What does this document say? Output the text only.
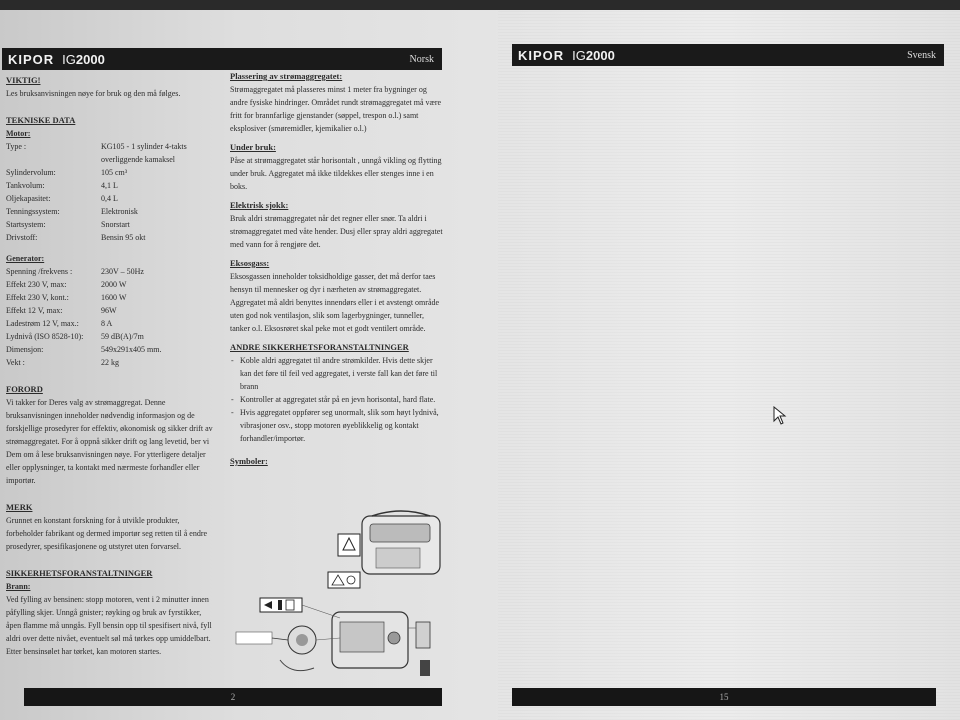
KIPOR IG2000	Norsk
VIKTIG!

Les bruksanvisningen nøye for bruk og den må følges.

TEKNISKE DATA
Motor:
Type :	KG105 - 1 sylinder 4-takts overliggende kamaksel
Sylindervolum:	105 cm³
Tankvolum:	4,1 L
Oljekapasitet:	0,4 L
Tenningssystem:	Elektronisk
Startsystem:	Snorstart
Drivstoff:	Bensin 95 okt
Generator:
Spenning /frekvens :	230V – 50Hz
Effekt 230 V, max:	2000 W
Effekt 230 V, kont.:	1600 W
Effekt 12 V, max:	96W
Ladestrøm 12 V, max.:	8 A
Lydnivå (ISO 8528-10):	59 dB(A)/7m
Dimensjon:	549x291x405 mm.
Vekt :	22 kg
FORORD

Vi takker for Deres valg av strømaggregat. Denne bruksanvisningen inneholder nødvendig informasjon og de forskjellige prosedyrer for effektiv, økonomisk og sikker drift av strømaggregatet. For å oppnå sikker drift og lang levetid, ber vi Dem om å lese bruksanvisningen nøye. For ytterligere detaljer eller opplysninger, ta kontakt med nærmeste forhandler eller importør.

MERK

Grunnet en konstant forskning for å utvikle produkter, forbeholder fabrikant og dermed importør seg retten til å endre prosedyrer, spesifikasjonene og utstyret uten forvarsel.

SIKKERHETSFORANSTALTNINGER
Brann:

Ved fylling av bensinen: stopp motoren, vent i 2 minutter innen påfylling skjer. Unngå gnister; røyking og bruk av fyrstikker, åpen flamme må unngås. Fyll bensin opp til spesifisert nivå, fyll aldri over dette nivået, eventuelt søl må tørkes opp umiddelbart. Etter bensinsølet har tørket, kan motoren startes.

Plassering av strømaggregatet:

Strømaggregatet må plasseres minst 1 meter fra bygninger og andre fysiske hindringer. Området rundt strømaggregatet må være fritt for brannfarlige gjenstander (søppel, trespon o.l.) samt eksplosiver (smøremidler, kjemikalier o.l.)

Under bruk:

Påse at strømaggregatet står horisontalt , unngå vikling og flytting under bruk. Aggregatet må ikke tildekkes eller stenges inne i en boks.

Elektrisk sjokk:

Bruk aldri strømaggregatet når det regner eller snør. Ta aldri i strømaggregatet med våte hender. Dusj eller spray aldri aggregatet med vann for å rengjøre det.

Eksosgass:

Eksosgassen inneholder toksidholdige gasser, det må derfor taes hensyn til mennesker og dyr i nærheten av strømaggregatet. Aggregatet må aldri benyttes innendørs eller i et avstengt område uten god nok ventilasjon, slik som lagerbygninger, tunneller, tanker o.l. Eksosrøret skal peke mot et godt ventilert område.

ANDRE SIKKERHETSFORANSTALTNINGER
- Koble aldri aggregatet til andre strømkilder. Hvis dette skjer kan det føre til feil ved aggregatet, i verste fall kan det føre til brann
- Kontroller at aggregatet står på en jevn horisontal, hard flate.
- Hvis aggregatet oppfører seg unormalt, slik som høyt lydnivå, vibrasjoner osv., stopp motoren øyeblikkelig og kontakt forhandler/importør.
Symboler:
2
KIPOR IG2000	Svensk
15
